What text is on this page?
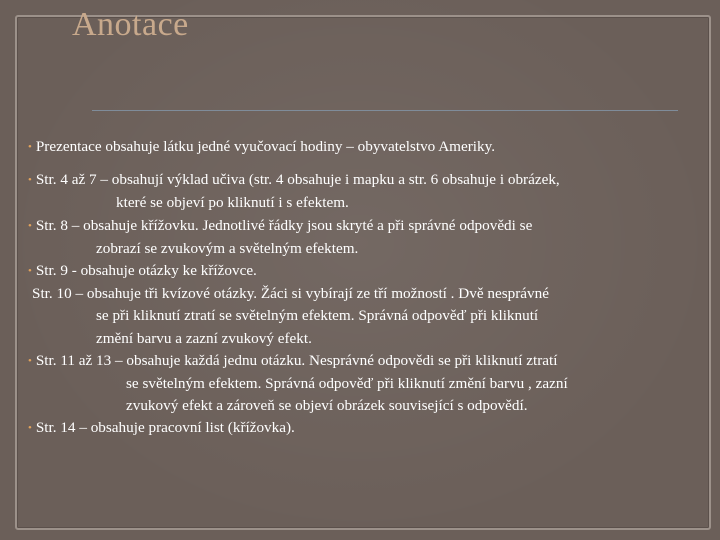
Anotace
• Prezentace obsahuje látku jedné vyučovací hodiny – obyvatelstvo Ameriky.
• Str. 4 až 7 – obsahují výklad učiva (str. 4 obsahuje i mapku a str. 6 obsahuje i obrázek,
které se objeví po kliknutí i s efektem.
• Str. 8 – obsahuje křížovku. Jednotlivé řádky jsou skryté a při správné odpovědi se
zobrazí se zvukovým a světelným efektem.
• Str. 9 - obsahuje otázky ke křížovce.
Str. 10 – obsahuje tři kvízové otázky. Žáci si vybírají ze tří možností . Dvě nesprávné
se při kliknutí ztratí se světelným efektem. Správná odpověď při kliknutí
změní barvu a zazní zvukový efekt.
• Str. 11 až 13 – obsahuje každá jednu otázku. Nesprávné odpovědi se při kliknutí ztratí
se světelným efektem. Správná odpověď při kliknutí změní barvu , zazní
zvukový efekt a zároveň se objeví obrázek související s odpovědí.
• Str. 14 – obsahuje pracovní list (křížovka).
